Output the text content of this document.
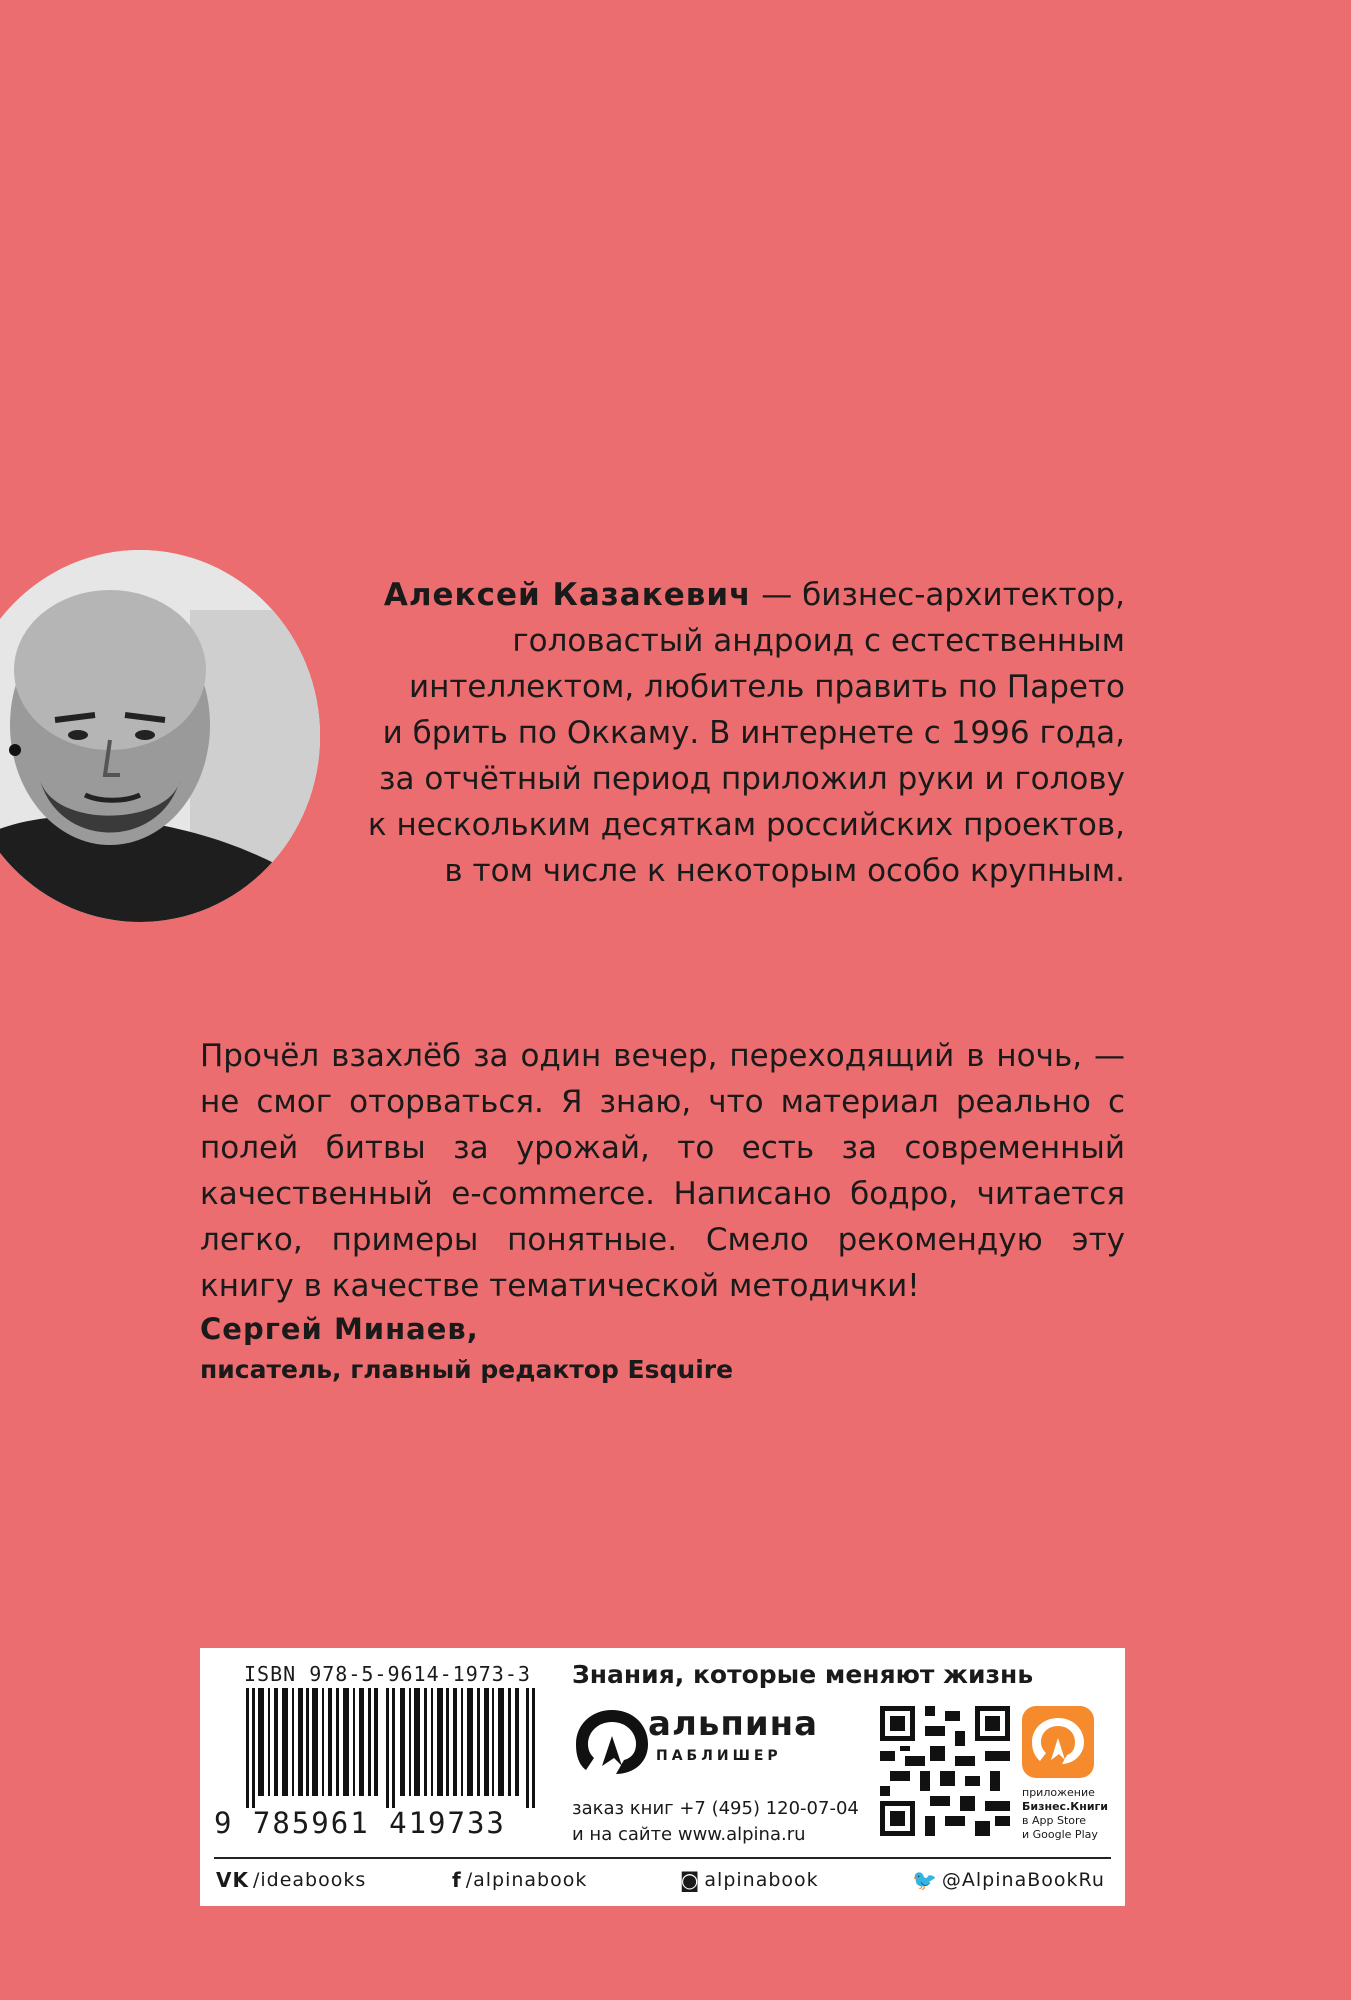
Алексей Казакевич — бизнес-архитектор,
головастый андроид с естественным
интеллектом, любитель править по Парето
и брить по Оккаму. В интернете с 1996 года,
за отчётный период приложил руки и голову
к нескольким десяткам российских проектов,
в том числе к некоторым особо крупным.

Прочёл взахлёб за один вечер, переходящий в ночь, — не смог оторваться. Я знаю, что материал реально с полей битвы за урожай, то есть за современный качественный e-commerce. Написано бодро, читается легко, примеры понятные. Смело рекомендую эту книгу в качестве тематической методички!

Сергей Минаев,
писатель, главный редактор Esquire
ISBN 978-5-9614-1973-3
9 785961 419733
Знания, которые меняют жизнь
альпина
ПАБЛИШЕР
заказ книг +7 (495) 120-07-04
и на сайте www.alpina.ru
приложение
Бизнес.Книги
в App Store
и Google Play
VK /ideabooks	f /alpinabook	◙ alpinabook	🐦 @AlpinaBookRu
